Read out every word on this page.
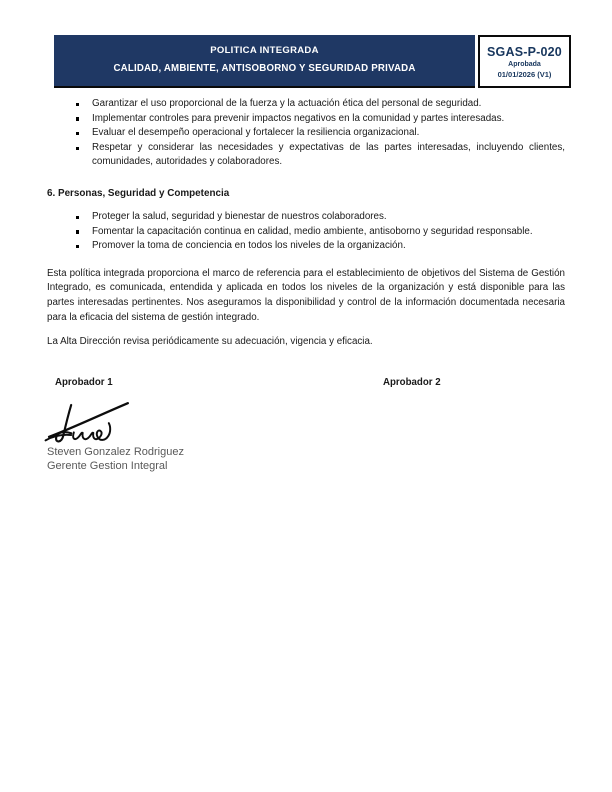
POLITICA INTEGRADA
CALIDAD, AMBIENTE, ANTISOBORNO Y SEGURIDAD PRIVADA
SGAS-P-020
Aprobada
01/01/2026 (V1)
Garantizar el uso proporcional de la fuerza y la actuación ética del personal de seguridad.
Implementar controles para prevenir impactos negativos en la comunidad y partes interesadas.
Evaluar el desempeño operacional y fortalecer la resiliencia organizacional.
Respetar y considerar las necesidades y expectativas de las partes interesadas, incluyendo clientes, comunidades, autoridades y colaboradores.
6. Personas, Seguridad y Competencia
Proteger la salud, seguridad y bienestar de nuestros colaboradores.
Fomentar la capacitación continua en calidad, medio ambiente, antisoborno y seguridad responsable.
Promover la toma de conciencia en todos los niveles de la organización.

Esta política integrada proporciona el marco de referencia para el establecimiento de objetivos del Sistema de Gestión Integrado, es comunicada, entendida y aplicada en todos los niveles de la organización y está disponible para las partes interesadas pertinentes. Nos aseguramos la disponibilidad y control de la información documentada necesaria para la eficacia del sistema de gestión integrado.

La Alta Dirección revisa periódicamente su adecuación, vigencia y eficacia.

Aprobador 1	Aprobador 2
Steven Gonzalez Rodriguez
Gerente Gestion Integral
